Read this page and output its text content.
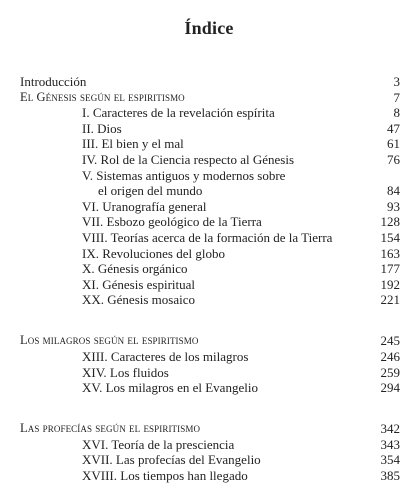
Índice
Introducción	3
El Génesis según el espiritismo	7
I. Caracteres de la revelación espírita	8
II. Dios	47
III. El bien y el mal	61
IV. Rol de la Ciencia respecto al Génesis	76
V. Sistemas antiguos y modernos sobre
el origen del mundo	84
VI. Uranografía general	93
VII. Esbozo geológico de la Tierra	128
VIII. Teorías acerca de la formación de la Tierra	154
IX. Revoluciones del globo	163
X. Génesis orgánico	177
XI. Génesis espiritual	192
XX. Génesis mosaico	221
Los milagros según el espiritismo	245
XIII. Caracteres de los milagros	246
XIV. Los fluidos	259
XV. Los milagros en el Evangelio	294
Las profecías según el espiritismo	342
XVI. Teoría de la presciencia	343
XVII. Las profecías del Evangelio	354
XVIII. Los tiempos han llegado	385
